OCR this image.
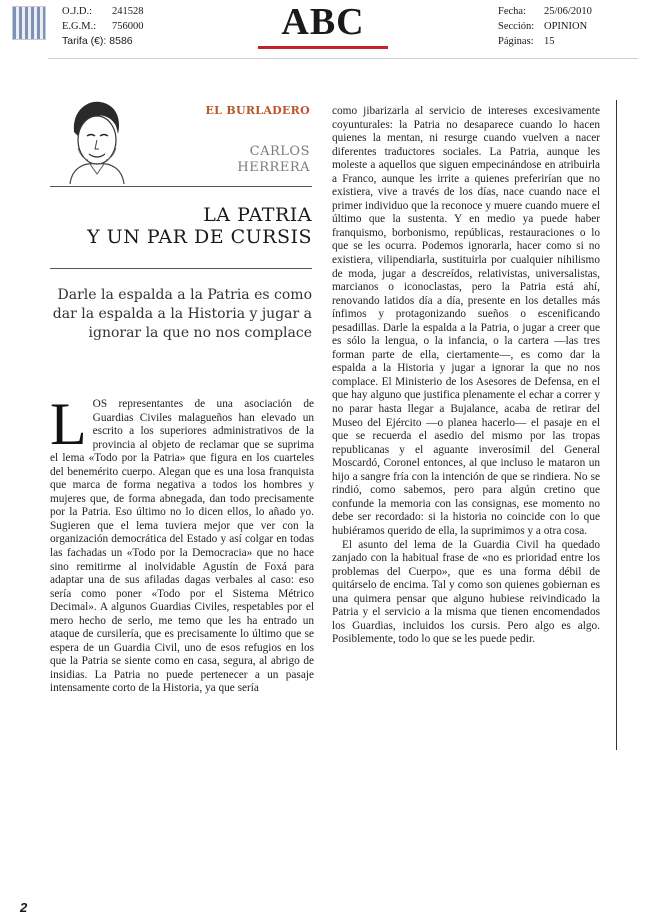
O.J.D.:	241528
E.G.M.:	756000
Tarifa (€): 8586	ABC	Fecha:	25/06/2010
Sección: OPINION
Páginas: 15
EL BURLADERO
CARLOS
HERRERA
LA PATRIA
Y UN PAR DE CURSIS
Darle la espalda a la Patria es como dar la espalda a la Historia y jugar a ignorar la que no nos complace

LOS representantes de una asociación de Guardias Civiles malagueños han elevado un escrito a los superiores administrativos de la provincia al objeto de reclamar que se suprima el lema «Todo por la Patria» que figura en los cuarteles del benemérito cuerpo. Alegan que es una losa franquista que marca de forma negativa a todos los hombres y mujeres que, de forma abnegada, dan todo precisamente por la Patria. Eso último no lo dicen ellos, lo añado yo. Sugieren que el lema tuviera mejor que ver con la organización democrática del Estado y así colgar en todas las fachadas un «Todo por la Democracia» que no hace sino remitirme al inolvidable Agustín de Foxá para adaptar una de sus afiladas dagas verbales al caso: eso sería como poner «Todo por el Sistema Métrico Decimal». A algunos Guardias Civiles, respetables por el mero hecho de serlo, me temo que les ha entrado un ataque de cursilería, que es precisamente lo último que se espera de un Guardia Civil, uno de esos refugios en los que la Patria se siente como en casa, segura, al abrigo de insidias. La Patria no puede pertenecer a un pasaje intensamente corto de la Historia, ya que sería

como jibarizarla al servicio de intereses excesivamente coyunturales: la Patria no desaparece cuando lo hacen quienes la mentan, ni resurge cuando vuelven a nacer diferentes traductores sociales. La Patria, aunque les moleste a aquellos que siguen empecinándose en atribuirla a Franco, aunque les irrite a quienes preferirían que no existiera, vive a través de los días, nace cuando nace el primer individuo que la reconoce y muere cuando muere el último que la sustenta. Y en medio ya puede haber franquismo, borbonismo, repúblicas, restauraciones o lo que se les ocurra. Podemos ignorarla, hacer como si no existiera, vilipendiarla, sustituirla por cualquier nihilismo de moda, jugar a descreídos, relativistas, universalistas, marcianos o iconoclastas, pero la Patria está ahí, renovando latidos día a día, presente en los detalles más ínfimos y protagonizando sueños o escenificando pesadillas. Darle la espalda a la Patria, o jugar a creer que es sólo la lengua, o la infancia, o la cartera —las tres forman parte de ella, ciertamente—, es como dar la espalda a la Historia y jugar a ignorar la que no nos complace. El Ministerio de los Asesores de Defensa, en el que hay alguno que justifica plenamente el echar a correr y no parar hasta llegar a Bujalance, acaba de retirar del Museo del Ejército —o planea hacerlo— el pasaje en el que se recuerda el asedio del mismo por las tropas republicanas y el aguante inverosímil del General Moscardó, Coronel entonces, al que incluso le mataron un hijo a sangre fría con la intención de que se rindiera. No se rindió, como sabemos, pero para algún cretino que confunde la memoria con las consignas, ese momento no debe ser recordado: si la historia no coincide con lo que hubiéramos querido de ella, la suprimimos y a otra cosa.

El asunto del lema de la Guardia Civil ha quedado zanjado con la habitual frase de «no es prioridad entre los problemas del Cuerpo», que es una forma débil de quitárselo de encima. Tal y como son quienes gobiernan es una quimera pensar que alguno hubiese reivindicado la Patria y el servicio a la misma que tienen encomendados los Guardias, incluidos los cursis. Pero algo es algo. Posiblemente, todo lo que se les puede pedir.

2
